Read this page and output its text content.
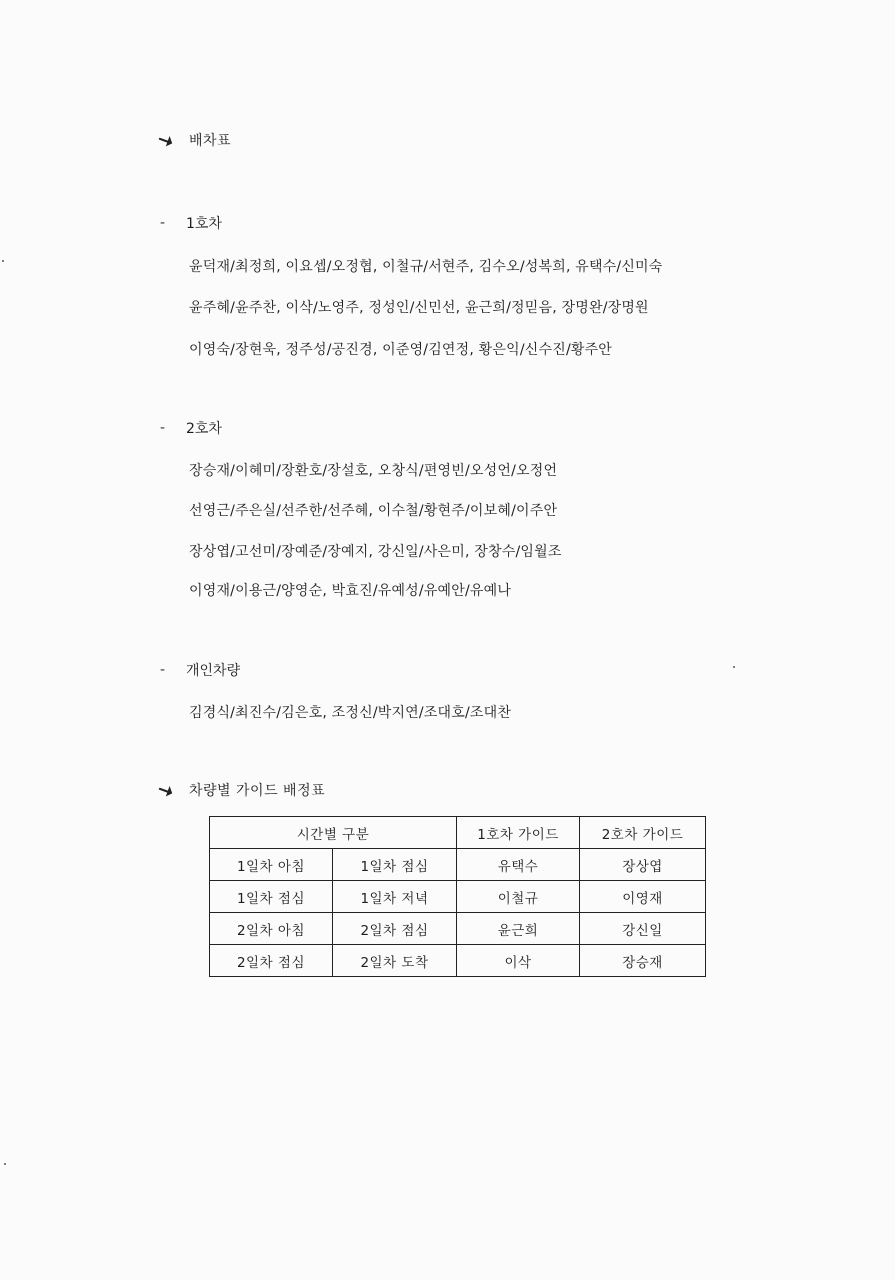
배차표
-	1호차
윤덕재/최정희, 이요셉/오정협, 이철규/서현주, 김수오/성복희, 유택수/신미숙
윤주혜/윤주찬, 이삭/노영주, 정성인/신민선, 윤근희/정믿음, 장명완/장명원
이영숙/장현욱, 정주성/공진경, 이준영/김연정, 황은익/신수진/황주안
-	2호차
장승재/이혜미/장환호/장설호, 오창식/편영빈/오성언/오정언
선영근/주은실/선주한/선주혜, 이수철/황현주/이보혜/이주안
장상엽/고선미/장예준/장예지, 강신일/사은미, 장창수/임월조
이영재/이용근/양영순, 박효진/유예성/유예안/유예나
-	개인차량
김경식/최진수/김은호, 조정신/박지연/조대호/조대찬
차량별 가이드 배정표
시간별 구분		1호차 가이드	2호차 가이드
1일차 아침	1일차 점심	유택수	장상엽
1일차 점심	1일차 저녁	이철규	이영재
2일차 아침	2일차 점심	윤근희	강신일
2일차 점심	2일차 도착	이삭	장승재
